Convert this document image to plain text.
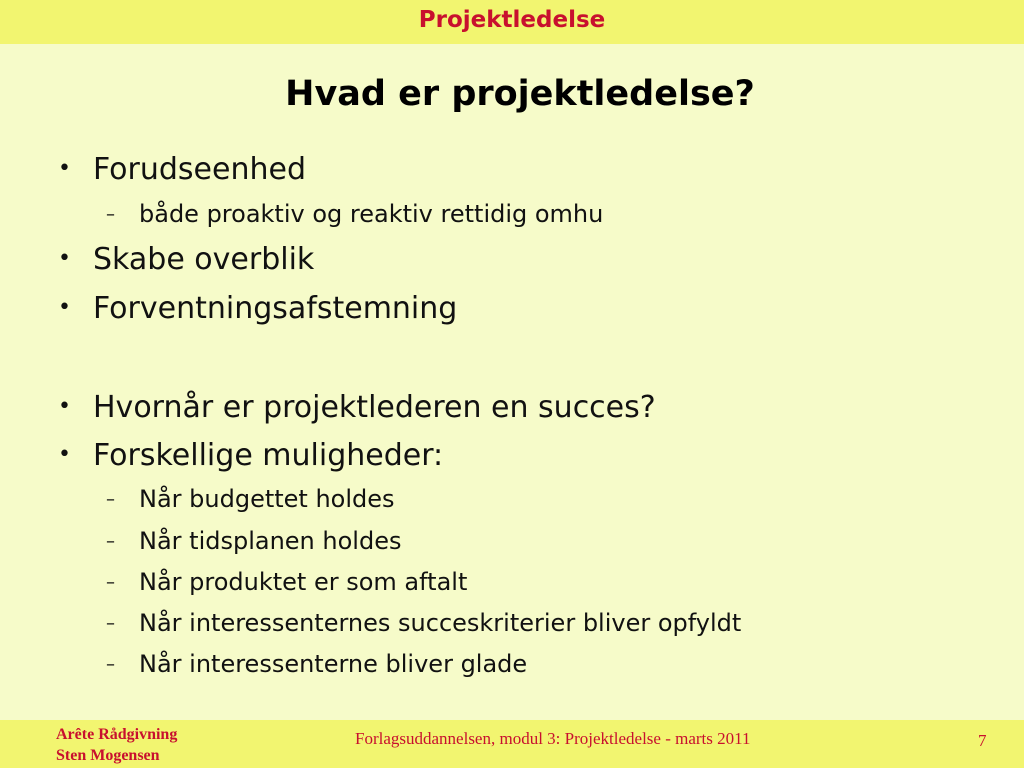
Projektledelse
Hvad er projektledelse?
• Forudseenhed
– både proaktiv og reaktiv rettidig omhu
• Skabe overblik
• Forventningsafstemning
• Hvornår er projektlederen en succes?
• Forskellige muligheder:
– Når budgettet holdes
– Når tidsplanen holdes
– Når produktet er som aftalt
– Når interessenternes succeskriterier bliver opfyldt
– Når interessenterne bliver glade
Arête Rådgivning
Sten Mogensen
Forlagsuddannelsen, modul 3: Projektledelse - marts 2011	7
